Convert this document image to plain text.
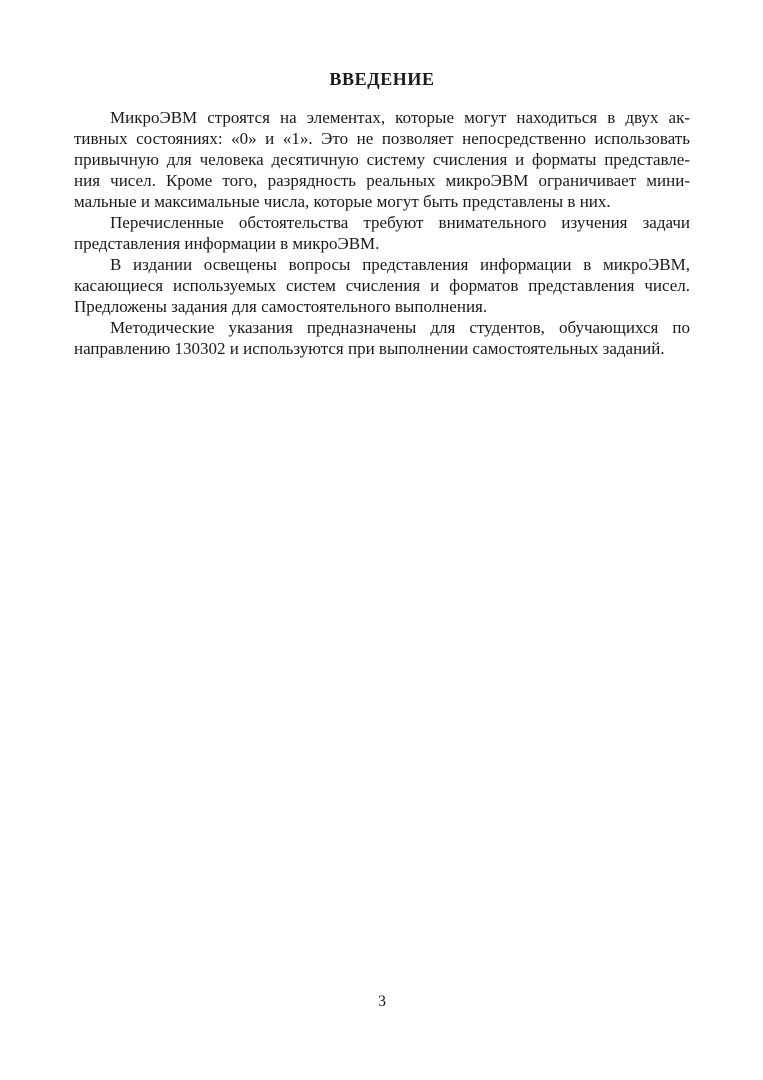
ВВЕДЕНИЕ

МикроЭВМ строятся на элементах, которые могут находиться в двух ак-
тивных состояниях: «0» и «1». Это не позволяет непосредственно использовать
привычную для человека десятичную систему счисления и форматы представле-
ния чисел. Кроме того, разрядность реальных микроЭВМ ограничивает мини-
мальные и максимальные числа, которые могут быть представлены в них.

Перечисленные обстоятельства требуют внимательного изучения задачи
представления информации в микроЭВМ.

В издании освещены вопросы представления информации в микроЭВМ,
касающиеся используемых систем счисления и форматов представления чисел.
Предложены задания для самостоятельного выполнения.

Методические указания предназначены для студентов, обучающихся по
направлению 130302 и используются при выполнении самостоятельных заданий.

3
